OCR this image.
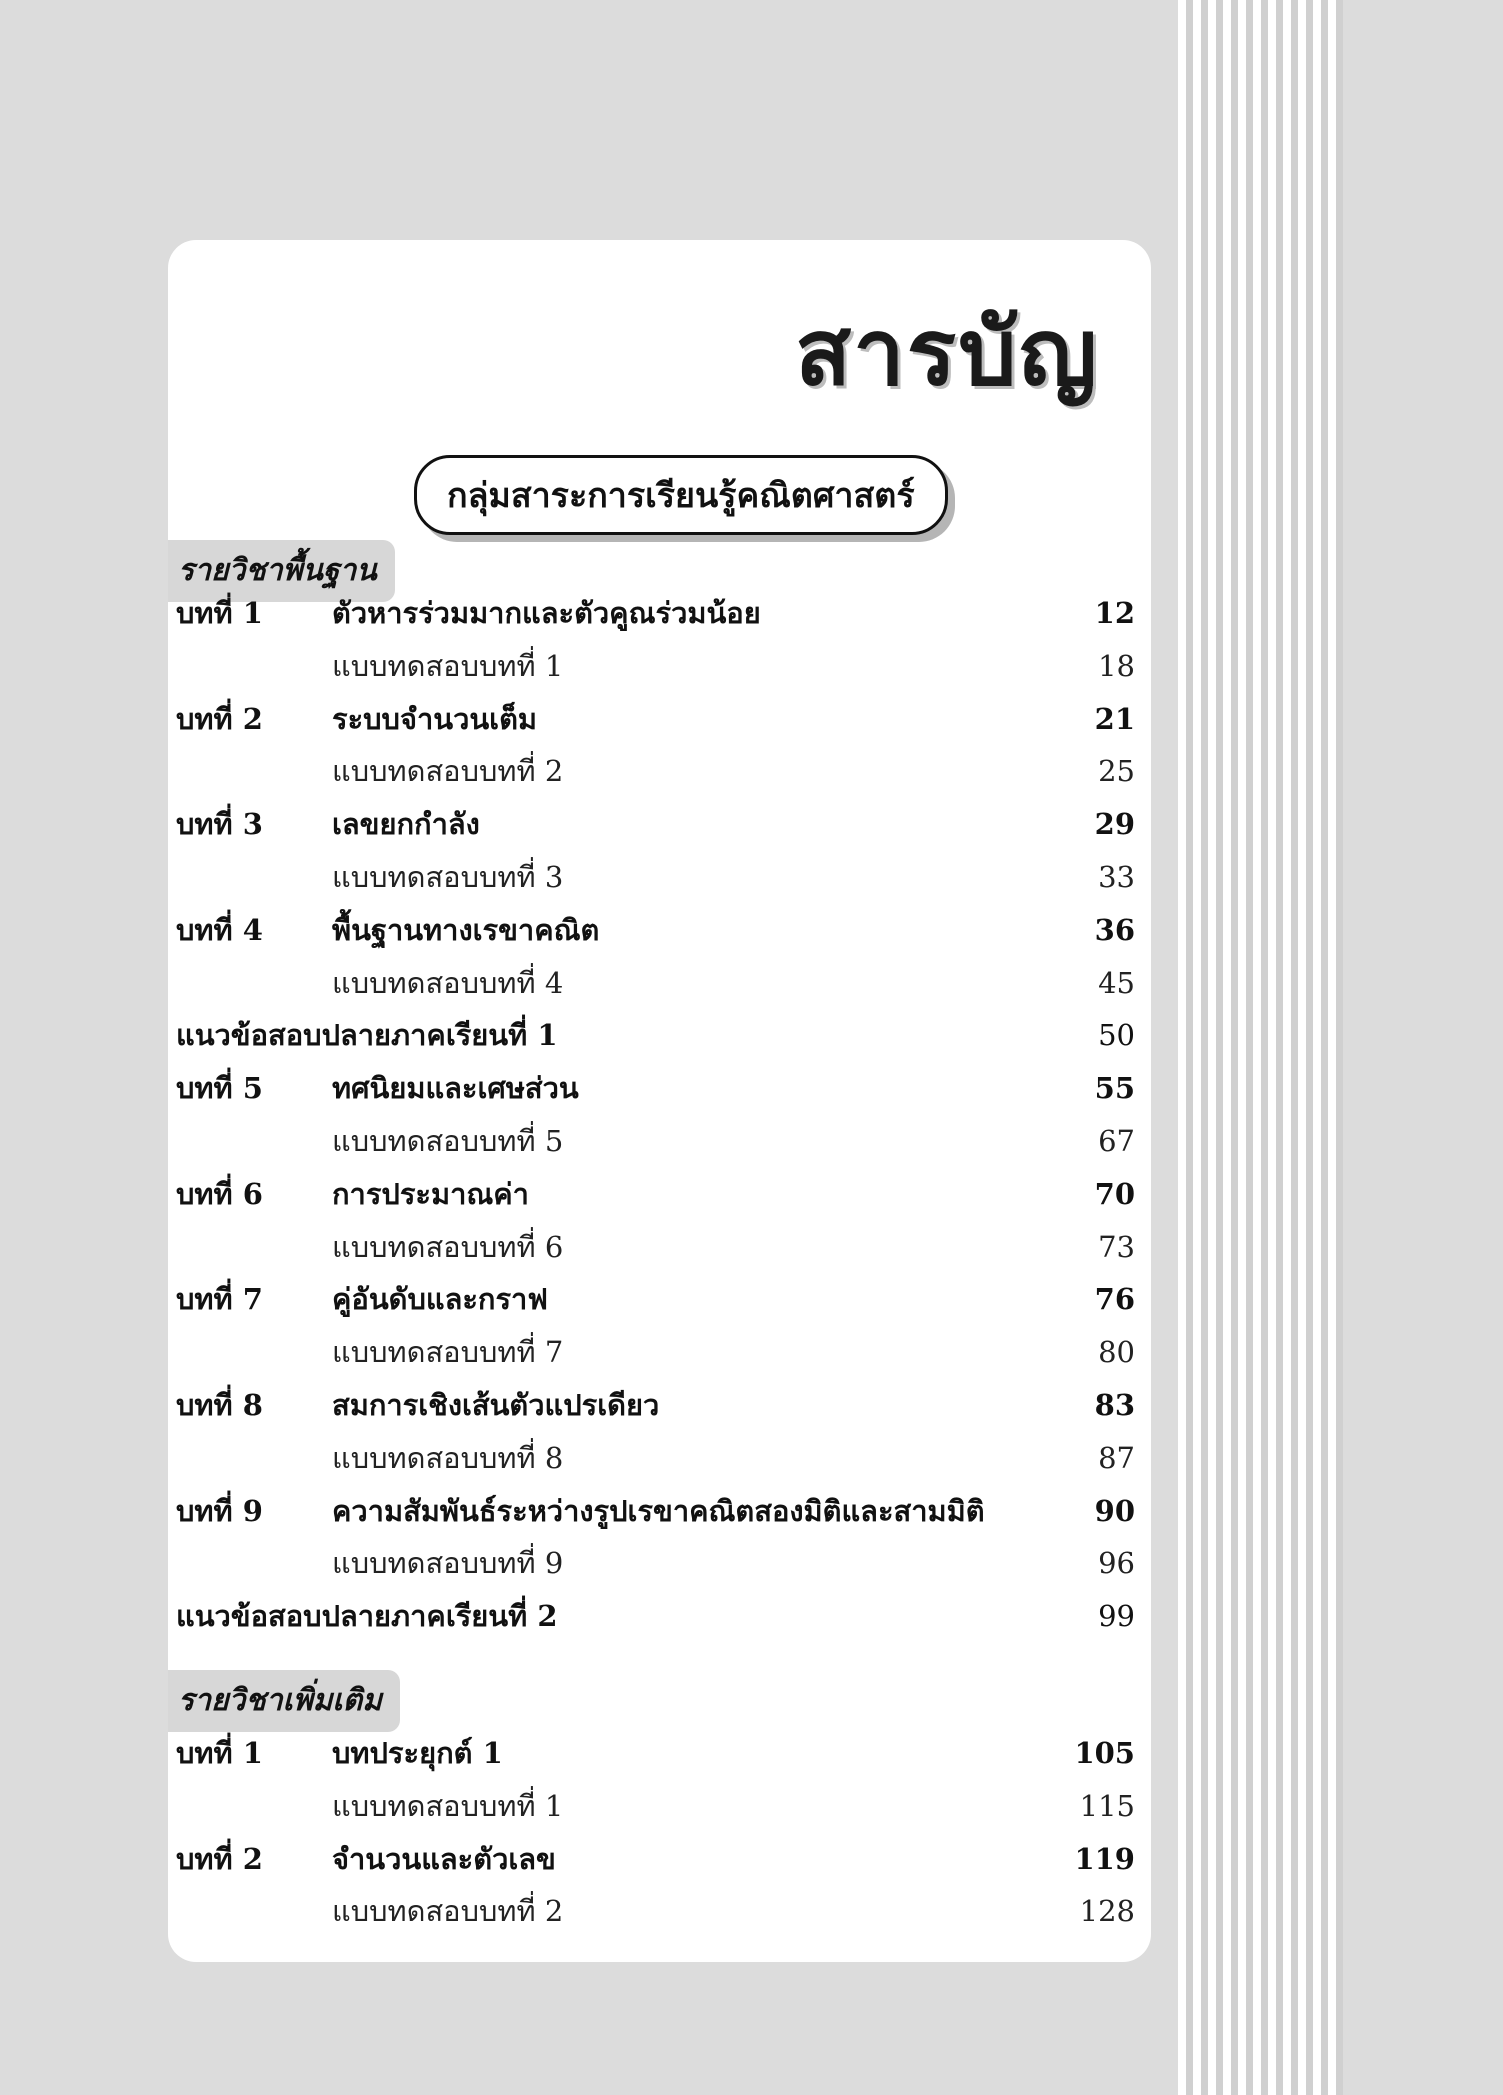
สารบัญ
กลุ่มสาระการเรียนรู้คณิตศาสตร์
รายวิชาพื้นฐาน
บทที่ 1 ตัวหารร่วมมากและตัวคูณร่วมน้อย	12
แบบทดสอบบทที่ 1	18
บทที่ 2 ระบบจำนวนเต็ม	21
แบบทดสอบบทที่ 2	25
บทที่ 3 เลขยกกำลัง	29
แบบทดสอบบทที่ 3	33
บทที่ 4 พื้นฐานทางเรขาคณิต	36
แบบทดสอบบทที่ 4	45
แนวข้อสอบปลายภาคเรียนที่ 1	50
บทที่ 5 ทศนิยมและเศษส่วน	55
แบบทดสอบบทที่ 5	67
บทที่ 6 การประมาณค่า	70
แบบทดสอบบทที่ 6	73
บทที่ 7 คู่อันดับและกราฟ	76
แบบทดสอบบทที่ 7	80
บทที่ 8 สมการเชิงเส้นตัวแปรเดียว	83
แบบทดสอบบทที่ 8	87
บทที่ 9 ความสัมพันธ์ระหว่างรูปเรขาคณิตสองมิติและสามมิติ	90
แบบทดสอบบทที่ 9	96
แนวข้อสอบปลายภาคเรียนที่ 2	99
รายวิชาเพิ่มเติม
บทที่ 1 บทประยุกต์ 1	105
แบบทดสอบบทที่ 1	115
บทที่ 2 จำนวนและตัวเลข	119
แบบทดสอบบทที่ 2	128
